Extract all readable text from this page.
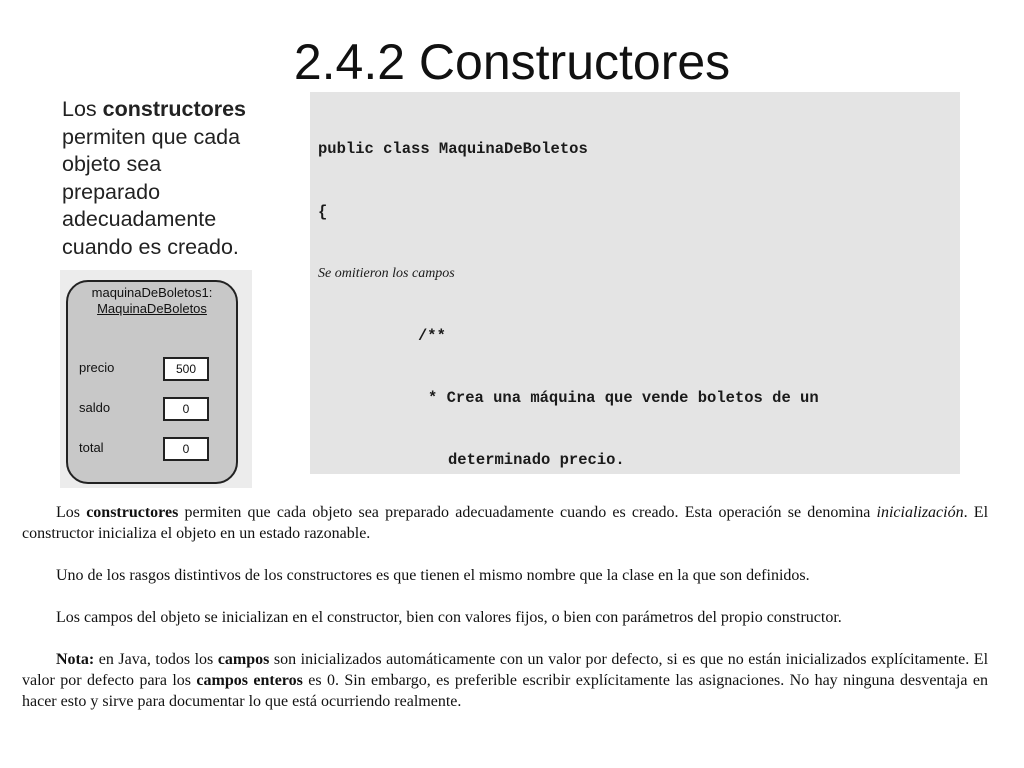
2.4.2 Constructores
Los constructores permiten que cada objeto sea preparado adecuadamente cuando es creado.
maquinaDeBoletos1:
MaquinaDeBoletos
precio	500
saldo	0
total	0

public class MaquinaDeBoletos

{

Se omitieron los campos

/**

* Crea una máquina que vende boletos de un

determinado precio.

Los constructores permiten que cada objeto sea preparado adecuadamente cuando es creado. Esta operación se denomina inicialización. El constructor inicializa el objeto en un estado razonable.

Uno de los rasgos distintivos de los constructores es que tienen el mismo nombre que la clase en la que son definidos.

Los campos del objeto se inicializan en el constructor, bien con valores fijos, o bien con parámetros del propio constructor.

Nota: en Java, todos los campos son inicializados automáticamente con un valor por defecto, si es que no están inicializados explícitamente. El valor por defecto para los campos enteros es 0. Sin embargo, es preferible escribir explícitamente las asignaciones. No hay ninguna desventaja en hacer esto y sirve para documentar lo que está ocurriendo realmente.
